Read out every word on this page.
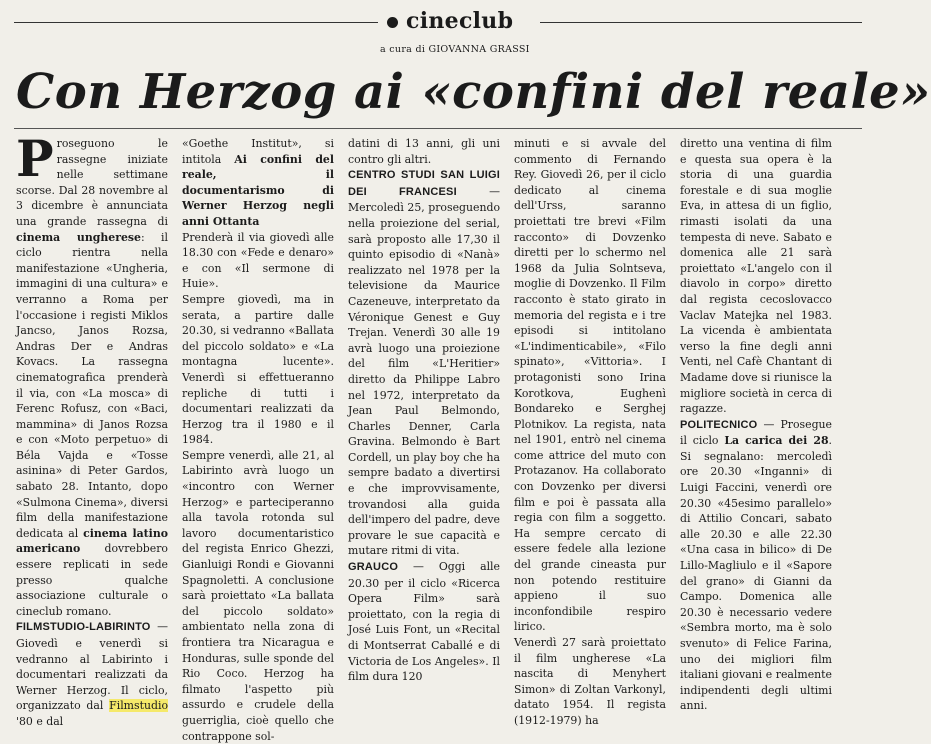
cineclub
a cura di GIOVANNA GRASSI
Con Herzog ai «confini del reale»

Proseguono le rassegne iniziate nelle settimane scorse. Dal 28 novembre al 3 dicembre è annunciata una grande rassegna di cinema ungherese: il ciclo rientra nella manifestazione «Ungheria, immagini di una cultura» e verranno a Roma per l'occasione i registi Miklos Jancso, Janos Rozsa, Andras Der e Andras Kovacs. La rassegna cinematografica prenderà il via, con «La mosca» di Ferenc Rofusz, con «Baci, mammina» di Janos Rozsa e con «Moto perpetuo» di Béla Vajda e «Tosse asinina» di Peter Gardos, sabato 28. Intanto, dopo «Sulmona Cinema», diversi film della manifestazione dedicata al cinema latino americano dovrebbero essere replicati in sede presso qualche associazione culturale o cineclub romano.

FILMSTUDIO-LABIRINTO — Giovedì e venerdì si vedranno al Labirinto i documentari realizzati da Werner Herzog. Il ciclo, organizzato dal Filmstudio '80 e dal

«Goethe Institut», si intitola Ai confini del reale, il documentarismo di Werner Herzog negli anni Ottanta

Prenderà il via giovedì alle 18.30 con «Fede e denaro» e con «Il sermone di Huie».

Sempre giovedì, ma in serata, a partire dalle 20.30, si vedranno «Ballata del piccolo soldato» e «La montagna lucente». Venerdì si effettueranno repliche di tutti i documentari realizzati da Herzog tra il 1980 e il 1984.

Sempre venerdì, alle 21, al Labirinto avrà luogo un «incontro con Werner Herzog» e parteciperanno alla tavola rotonda sul lavoro documentaristico del regista Enrico Ghezzi, Gianluigi Rondi e Giovanni Spagnoletti. A conclusione sarà proiettato «La ballata del piccolo soldato» ambientato nella zona di frontiera tra Nicaragua e Honduras, sulle sponde del Rio Coco. Herzog ha filmato l'aspetto più assurdo e crudele della guerriglia, cioè quello che contrappone sol-

datini di 13 anni, gli uni contro gli altri.

CENTRO STUDI SAN LUIGI DEI FRANCESI — Mercoledì 25, proseguendo nella proiezione del serial, sarà proposto alle 17,30 il quinto episodio di «Nanà» realizzato nel 1978 per la televisione da Maurice Cazeneuve, interpretato da Véronique Genest e Guy Trejan. Venerdì 30 alle 19 avrà luogo una proiezione del film «L'Heritier» diretto da Philippe Labro nel 1972, interpretato da Jean Paul Belmondo, Charles Denner, Carla Gravina. Belmondo è Bart Cordell, un play boy che ha sempre badato a divertirsi e che improvvisamente, trovandosi alla guida dell'impero del padre, deve provare le sue capacità e mutare ritmi di vita.

GRAUCO — Oggi alle 20.30 per il ciclo «Ricerca Opera Film» sarà proiettato, con la regia di José Luis Font, un «Recital di Montserrat Caballé e di Victoria de Los Angeles». Il film dura 120

minuti e si avvale del commento di Fernando Rey. Giovedì 26, per il ciclo dedicato al cinema dell'Urss, saranno proiettati tre brevi «Film racconto» di Dovzenko diretti per lo schermo nel 1968 da Julia Solntseva, moglie di Dovzenko. Il Film racconto è stato girato in memoria del regista e i tre episodi si intitolano «L'indimenticabile», «Filo spinato», «Vittoria». I protagonisti sono Irina Korotkova, Eughenì Bondareko e Serghej Plotnikov. La regista, nata nel 1901, entrò nel cinema come attrice del muto con Protazanov. Ha collaborato con Dovzenko per diversi film e poi è passata alla regia con film a soggetto. Ha sempre cercato di essere fedele alla lezione del grande cineasta pur non potendo restituire appieno il suo inconfondibile respiro lirico.

Venerdì 27 sarà proiettato il film ungherese «La nascita di Menyhert Simon» di Zoltan Varkonyl, datato 1954. Il regista (1912-1979) ha

diretto una ventina di film e questa sua opera è la storia di una guardia forestale e di sua moglie Eva, in attesa di un figlio, rimasti isolati da una tempesta di neve. Sabato e domenica alle 21 sarà proiettato «L'angelo con il diavolo in corpo» diretto dal regista cecoslovacco Vaclav Matejka nel 1983. La vicenda è ambientata verso la fine degli anni Venti, nel Cafè Chantant di Madame dove si riunisce la migliore società in cerca di ragazze.

POLITECNICO — Prosegue il ciclo La carica dei 28. Si segnalano: mercoledì ore 20.30 «Inganni» di Luigi Faccini, venerdì ore 20.30 «45esimo parallelo» di Attilio Concari, sabato alle 20.30 e alle 22.30 «Una casa in bilico» di De Lillo-Magliulo e il «Sapore del grano» di Gianni da Campo. Domenica alle 20.30 è necessario vedere «Sembra morto, ma è solo svenuto» di Felice Farina, uno dei migliori film italiani giovani e realmente indipendenti degli ultimi anni.
